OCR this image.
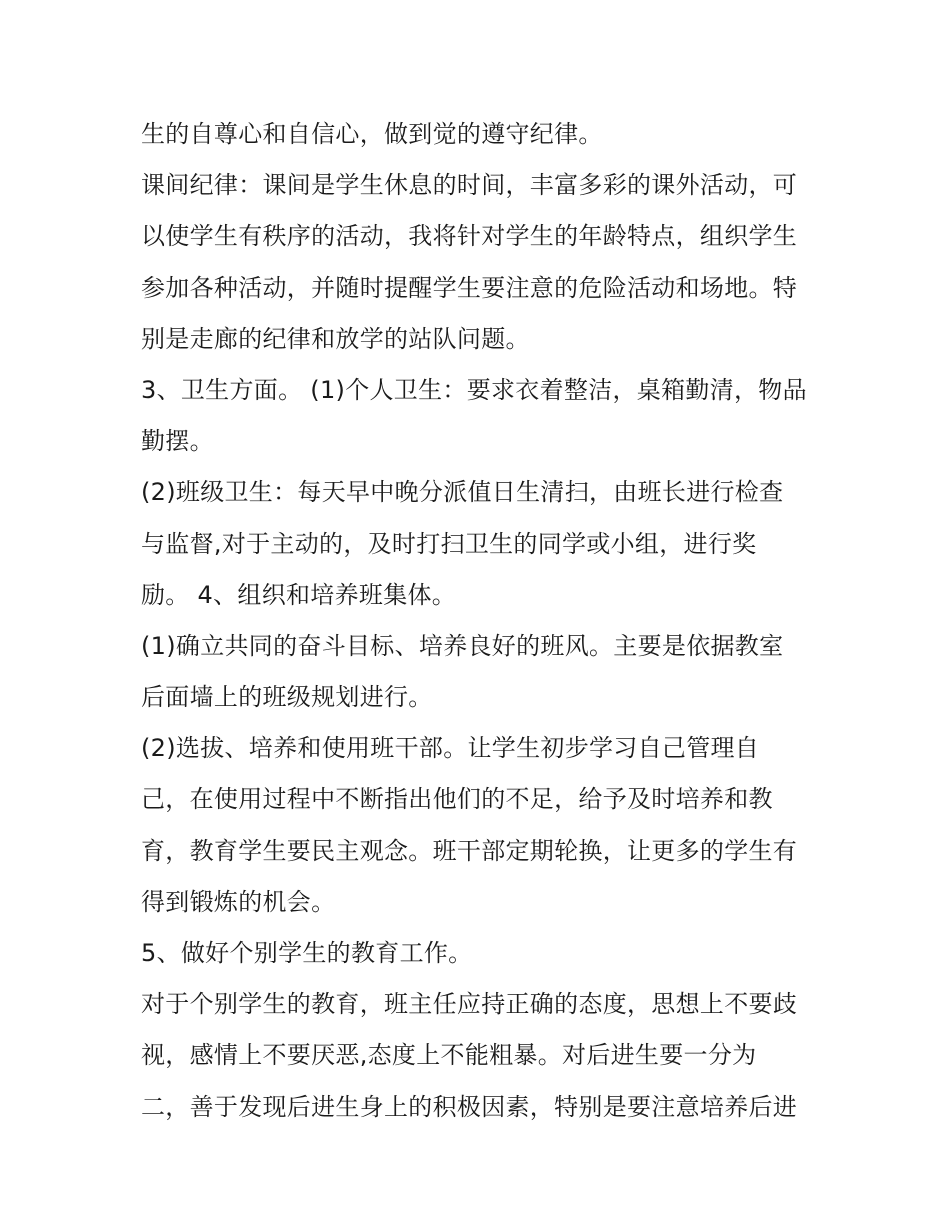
生的自尊心和自信心，做到觉的遵守纪律。
课间纪律：课间是学生休息的时间，丰富多彩的课外活动，可
以使学生有秩序的活动，我将针对学生的年龄特点，组织学生
参加各种活动，并随时提醒学生要注意的危险活动和场地。特
别是走廊的纪律和放学的站队问题。
3、卫生方面。 (1)个人卫生：要求衣着整洁，桌箱勤清，物品
勤摆。
(2)班级卫生：每天早中晚分派值日生清扫，由班长进行检查
与监督,对于主动的，及时打扫卫生的同学或小组，进行奖
励。 4、组织和培养班集体。
(1)确立共同的奋斗目标、培养良好的班风。主要是依据教室
后面墙上的班级规划进行。
(2)选拔、培养和使用班干部。让学生初步学习自己管理自
己，在使用过程中不断指出他们的不足，给予及时培养和教
育，教育学生要民主观念。班干部定期轮换，让更多的学生有
得到锻炼的机会。
5、做好个别学生的教育工作。
对于个别学生的教育，班主任应持正确的态度，思想上不要歧
视，感情上不要厌恶,态度上不能粗暴。对后进生要一分为
二，善于发现后进生身上的积极因素，特别是要注意培养后进
